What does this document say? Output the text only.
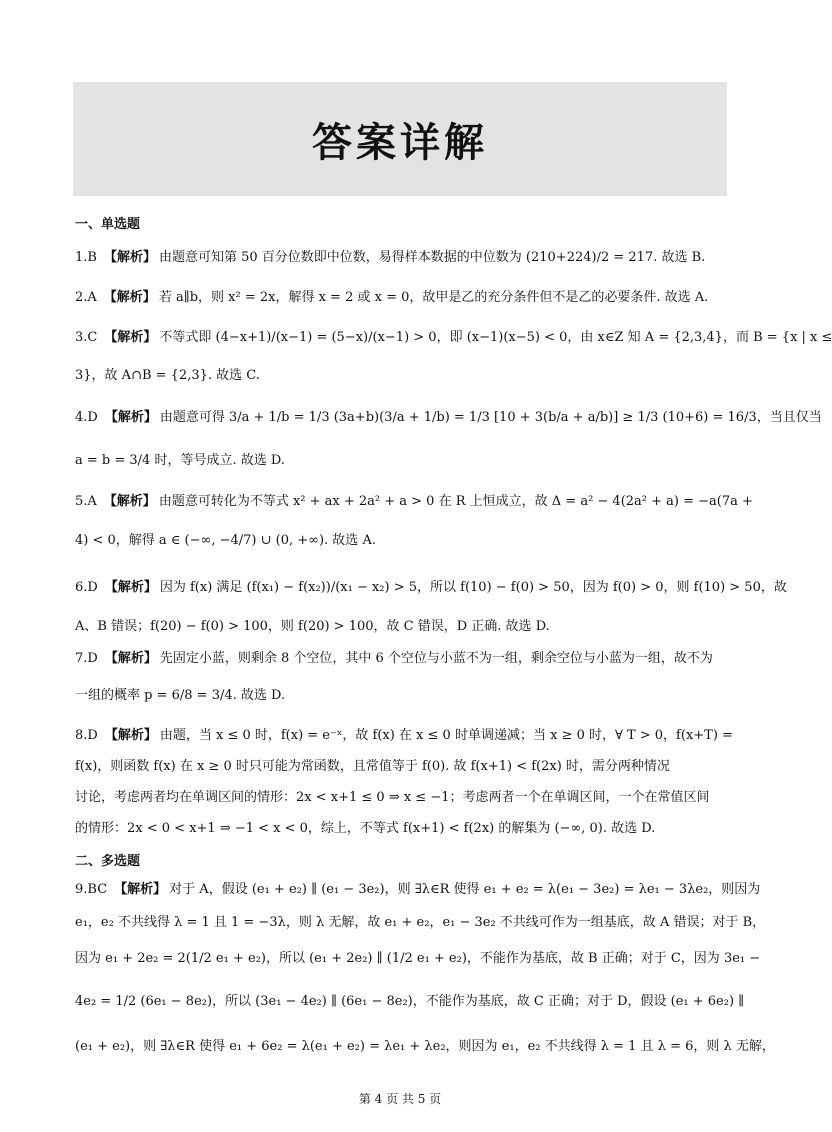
答案详解
一、单选题
1.B 【解析】 由题意可知第 50 百分位数即中位数，易得样本数据的中位数为 (210+224)/2 = 217. 故选 B.
2.A 【解析】 若 a∥b，则 x² = 2x，解得 x = 2 或 x = 0，故甲是乙的充分条件但不是乙的必要条件. 故选 A.
3.C 【解析】 不等式即 (4−x+1)/(x−1) = (5−x)/(x−1) > 0，即 (x−1)(x−5) < 0，由 x∈Z 知 A = {2,3,4}，而 B = {x | x ≤
3}，故 A∩B = {2,3}. 故选 C.
4.D 【解析】 由题意可得 3/a + 1/b = 1/3 (3a+b)(3/a + 1/b) = 1/3 [10 + 3(b/a + a/b)] ≥ 1/3 (10+6) = 16/3，当且仅当
a = b = 3/4 时，等号成立. 故选 D.
5.A 【解析】 由题意可转化为不等式 x² + ax + 2a² + a > 0 在 R 上恒成立，故 Δ = a² − 4(2a² + a) = −a(7a +
4) < 0，解得 a ∈ (−∞, −4/7) ∪ (0, +∞). 故选 A.
6.D 【解析】 因为 f(x) 满足 (f(x₁) − f(x₂))/(x₁ − x₂) > 5，所以 f(10) − f(0) > 50，因为 f(0) > 0，则 f(10) > 50，故
A、B 错误；f(20) − f(0) > 100，则 f(20) > 100，故 C 错误，D 正确. 故选 D.
7.D 【解析】 先固定小蓝，则剩余 8 个空位，其中 6 个空位与小蓝不为一组，剩余空位与小蓝为一组，故不为
一组的概率 p = 6/8 = 3/4. 故选 D.
8.D 【解析】 由题，当 x ≤ 0 时，f(x) = e⁻ˣ，故 f(x) 在 x ≤ 0 时单调递减；当 x ≥ 0 时，∀ T > 0，f(x+T) =
f(x)，则函数 f(x) 在 x ≥ 0 时只可能为常函数，且常值等于 f(0). 故 f(x+1) < f(2x) 时，需分两种情况
讨论，考虑两者均在单调区间的情形：2x < x+1 ≤ 0 ⇒ x ≤ −1；考虑两者一个在单调区间，一个在常值区间
的情形：2x < 0 < x+1 ⇒ −1 < x < 0，综上，不等式 f(x+1) < f(2x) 的解集为 (−∞, 0). 故选 D.
二、多选题
9.BC 【解析】 对于 A，假设 (e₁ + e₂) ∥ (e₁ − 3e₂)，则 ∃λ∈R 使得 e₁ + e₂ = λ(e₁ − 3e₂) = λe₁ − 3λe₂，则因为
e₁，e₂ 不共线得 λ = 1 且 1 = −3λ，则 λ 无解，故 e₁ + e₂，e₁ − 3e₂ 不共线可作为一组基底，故 A 错误；对于 B，
因为 e₁ + 2e₂ = 2(1/2 e₁ + e₂)，所以 (e₁ + 2e₂) ∥ (1/2 e₁ + e₂)，不能作为基底，故 B 正确；对于 C，因为 3e₁ −
4e₂ = 1/2 (6e₁ − 8e₂)，所以 (3e₁ − 4e₂) ∥ (6e₁ − 8e₂)，不能作为基底，故 C 正确；对于 D，假设 (e₁ + 6e₂) ∥
(e₁ + e₂)，则 ∃λ∈R 使得 e₁ + 6e₂ = λ(e₁ + e₂) = λe₁ + λe₂，则因为 e₁，e₂ 不共线得 λ = 1 且 λ = 6，则 λ 无解，
第 4 页 共 5 页
